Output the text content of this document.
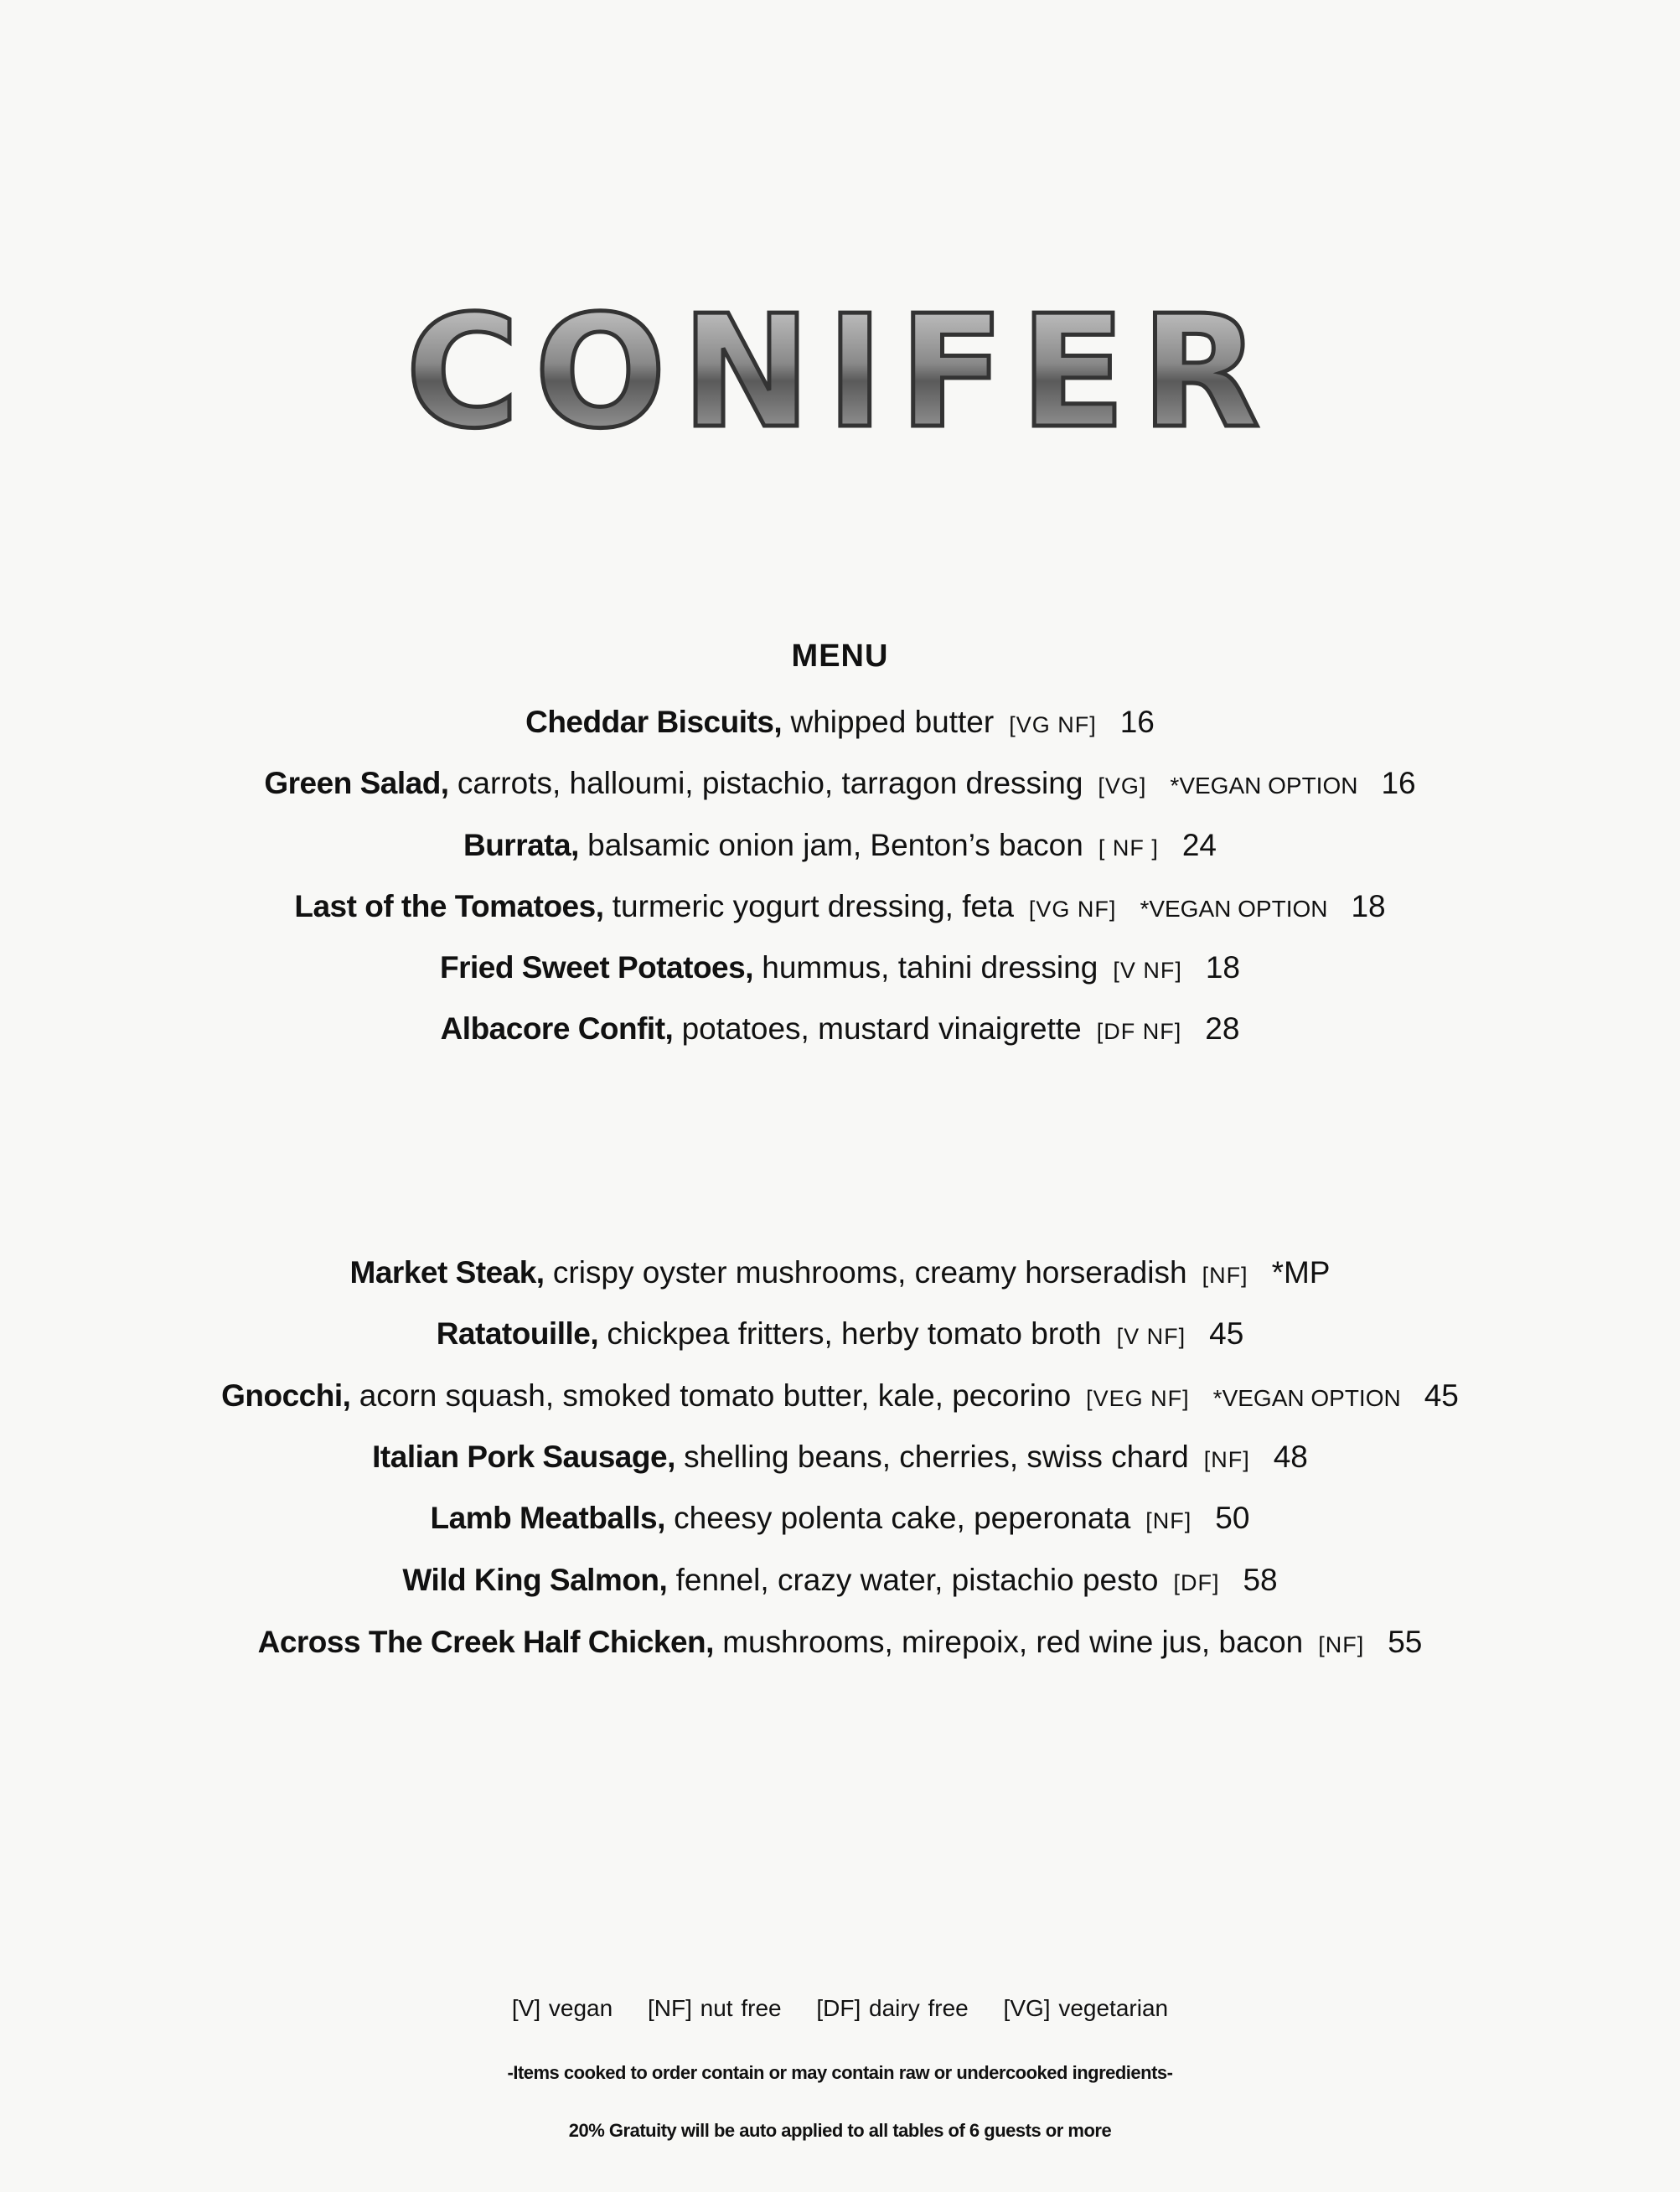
CONIFER
MENU
Cheddar Biscuits, whipped butter [VG NF] 16
Green Salad, carrots, halloumi, pistachio, tarragon dressing [VG] *VEGAN OPTION 16
Burrata, balsamic onion jam, Benton’s bacon [ NF ] 24
Last of the Tomatoes, turmeric yogurt dressing, feta [VG NF] *VEGAN OPTION 18
Fried Sweet Potatoes, hummus, tahini dressing [V NF] 18
Albacore Confit, potatoes, mustard vinaigrette [DF NF] 28
Market Steak, crispy oyster mushrooms, creamy horseradish [NF] *MP
Ratatouille, chickpea fritters, herby tomato broth [V NF] 45
Gnocchi, acorn squash, smoked tomato butter, kale, pecorino [VEG NF] *VEGAN OPTION 45
Italian Pork Sausage, shelling beans, cherries, swiss chard [NF] 48
Lamb Meatballs, cheesy polenta cake, peperonata [NF] 50
Wild King Salmon, fennel, crazy water, pistachio pesto [DF] 58
Across The Creek Half Chicken, mushrooms, mirepoix, red wine jus, bacon [NF] 55
[V] vegan [NF] nut free [DF] dairy free [VG] vegetarian
-Items cooked to order contain or may contain raw or undercooked ingredients-
20% Gratuity will be auto applied to all tables of 6 guests or more
